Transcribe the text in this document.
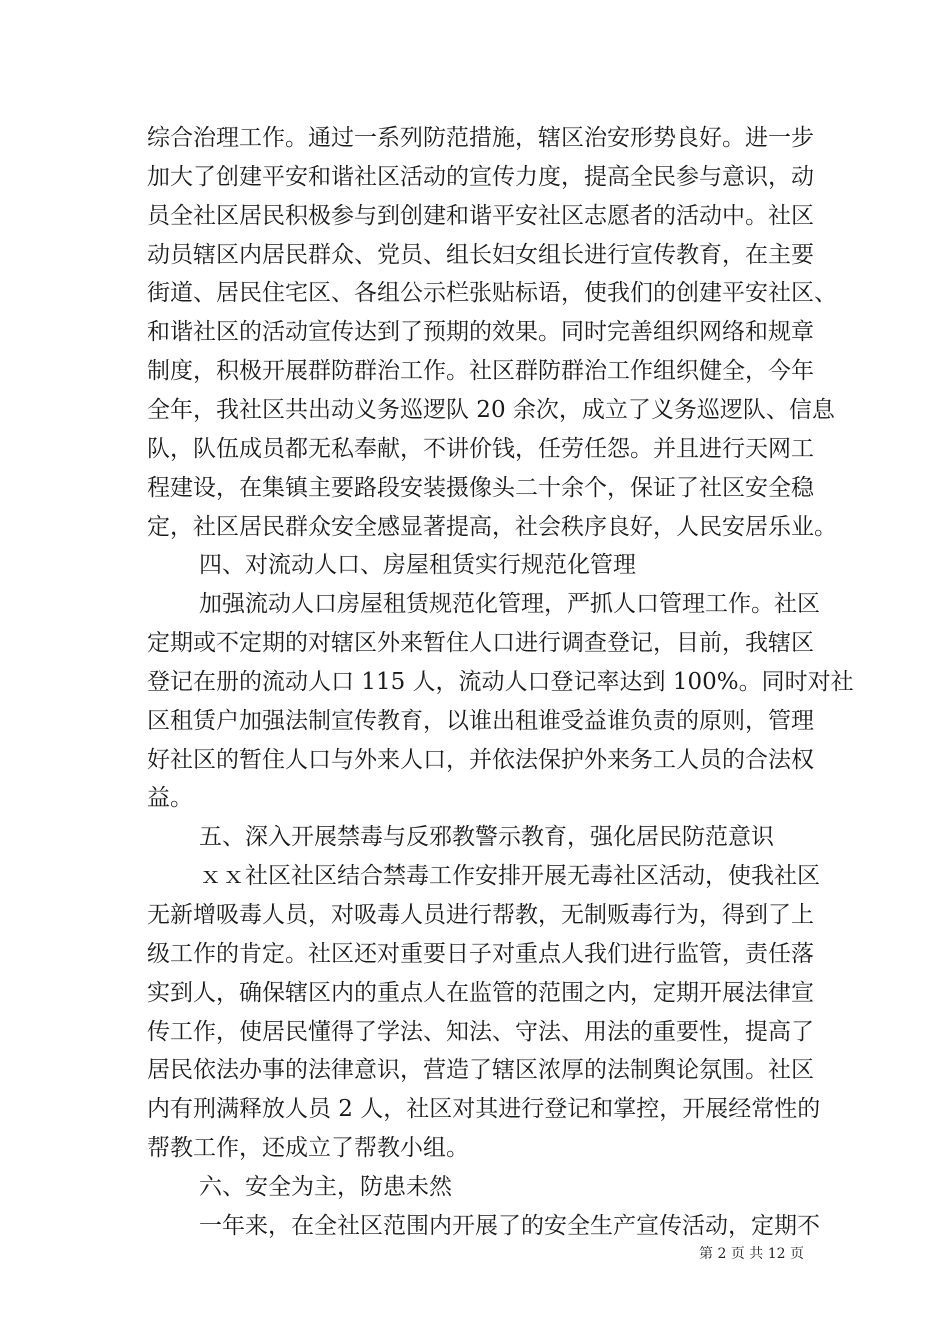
综合治理工作。通过一系列防范措施，辖区治安形势良好。进一步
加大了创建平安和谐社区活动的宣传力度，提高全民参与意识，动
员全社区居民积极参与到创建和谐平安社区志愿者的活动中。社区
动员辖区内居民群众、党员、组长妇女组长进行宣传教育，在主要
街道、居民住宅区、各组公示栏张贴标语，使我们的创建平安社区、
和谐社区的活动宣传达到了预期的效果。同时完善组织网络和规章
制度，积极开展群防群治工作。社区群防群治工作组织健全，今年
全年，我社区共出动义务巡逻队 20 余次，成立了义务巡逻队、信息
队，队伍成员都无私奉献，不讲价钱，任劳任怨。并且进行天网工
程建设，在集镇主要路段安装摄像头二十余个，保证了社区安全稳
定，社区居民群众安全感显著提高，社会秩序良好，人民安居乐业。
四、对流动人口、房屋租赁实行规范化管理
加强流动人口房屋租赁规范化管理，严抓人口管理工作。社区
定期或不定期的对辖区外来暂住人口进行调查登记，目前，我辖区
登记在册的流动人口 115 人，流动人口登记率达到 100%。同时对社
区租赁户加强法制宣传教育，以谁出租谁受益谁负责的原则，管理
好社区的暂住人口与外来人口，并依法保护外来务工人员的合法权
益。
五、深入开展禁毒与反邪教警示教育，强化居民防范意识
ｘｘ社区社区结合禁毒工作安排开展无毒社区活动，使我社区
无新增吸毒人员，对吸毒人员进行帮教，无制贩毒行为，得到了上
级工作的肯定。社区还对重要日子对重点人我们进行监管，责任落
实到人，确保辖区内的重点人在监管的范围之内，定期开展法律宣
传工作，使居民懂得了学法、知法、守法、用法的重要性，提高了
居民依法办事的法律意识，营造了辖区浓厚的法制舆论氛围。社区
内有刑满释放人员 2 人，社区对其进行登记和掌控，开展经常性的
帮教工作，还成立了帮教小组。
六、安全为主，防患未然
一年来，在全社区范围内开展了的安全生产宣传活动，定期不
第 2 页 共 12 页
